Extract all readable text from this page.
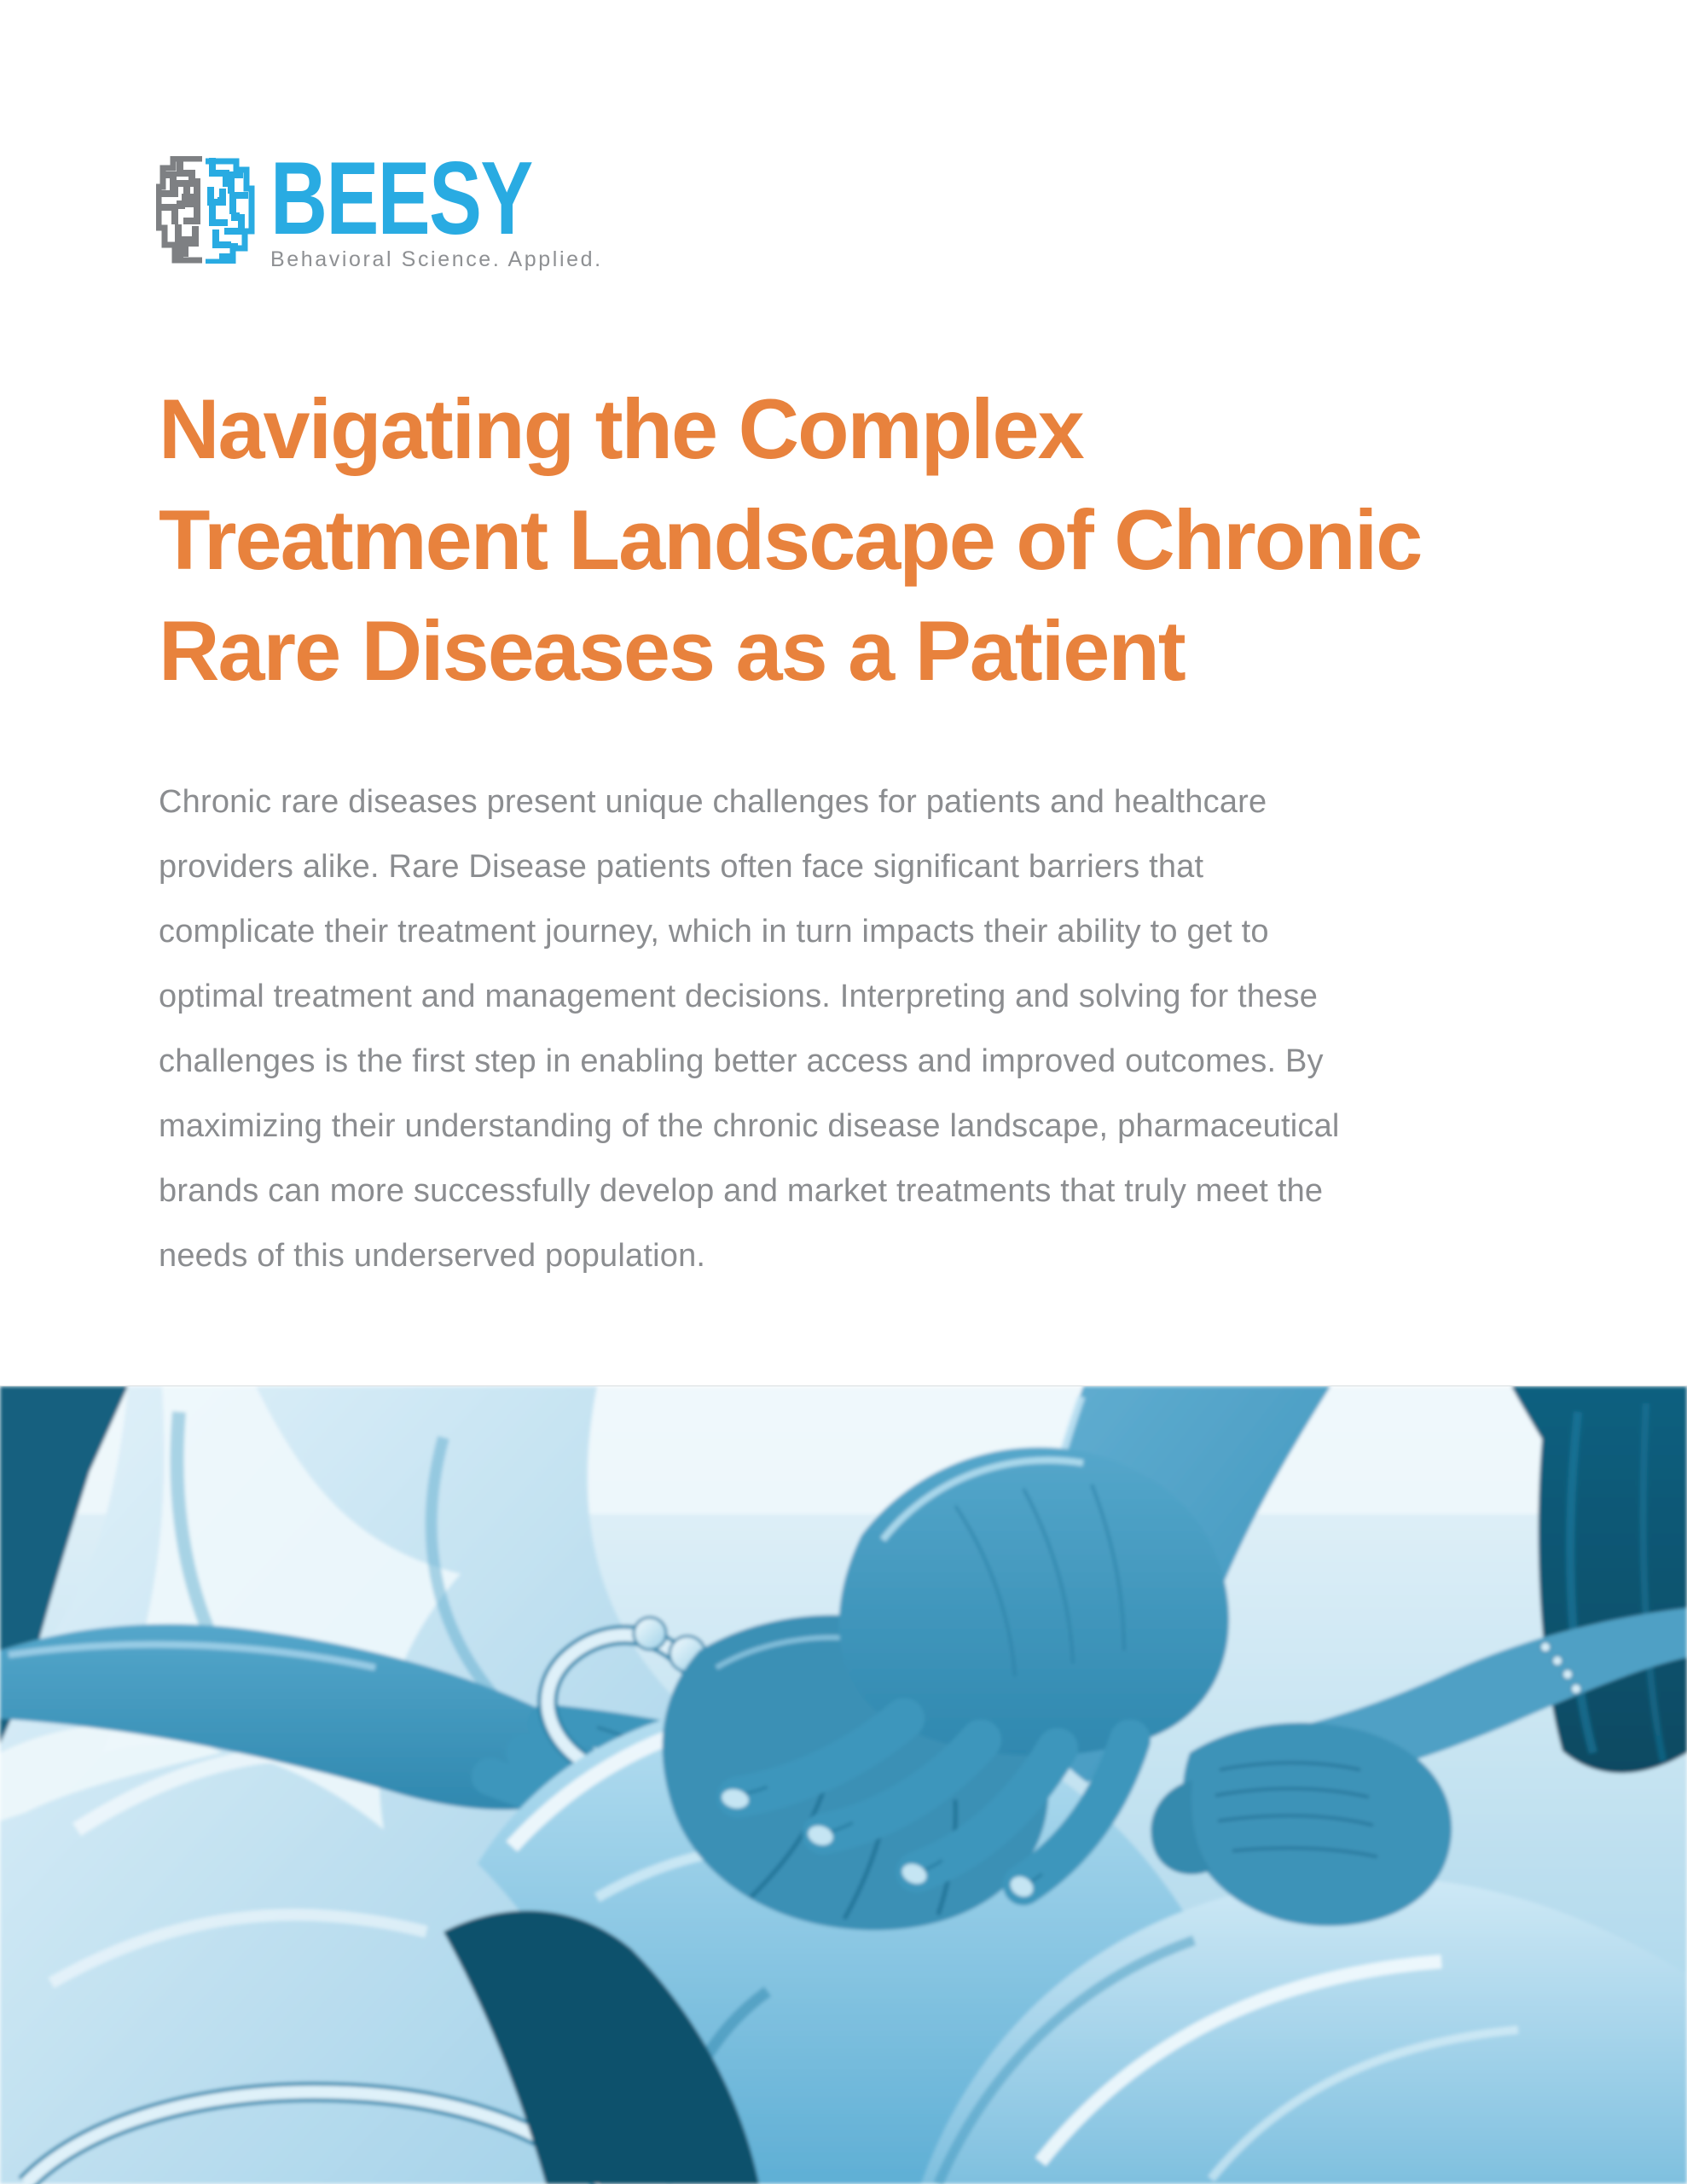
BEESY
Behavioral Science. Applied.
Navigating the Complex
Treatment Landscape of Chronic
Rare Diseases as a Patient
Chronic rare diseases present unique challenges for patients and healthcare
providers alike. Rare Disease patients often face significant barriers that
complicate their treatment journey, which in turn impacts their ability to get to
optimal treatment and management decisions. Interpreting and solving for these
challenges is the first step in enabling better access and improved outcomes. By
maximizing their understanding of the chronic disease landscape, pharmaceutical
brands can more successfully develop and market treatments that truly meet the
needs of this underserved population.
